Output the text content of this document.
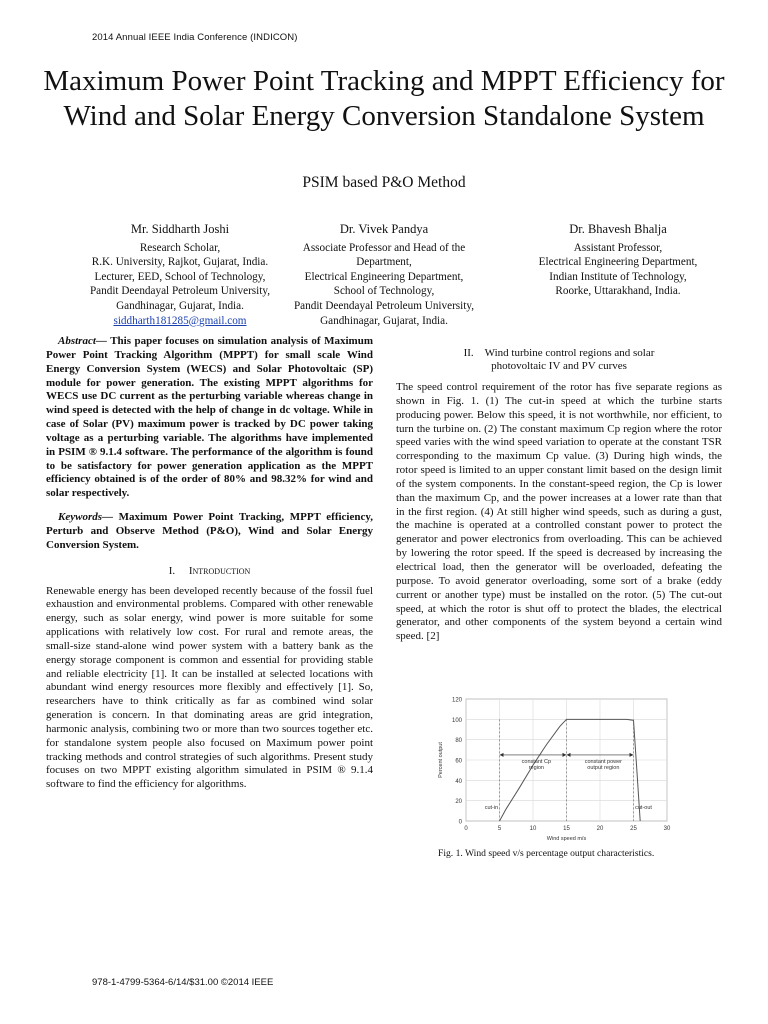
2014 Annual IEEE India Conference (INDICON)
Maximum Power Point Tracking and MPPT Efficiency for Wind and Solar Energy Conversion Standalone System
PSIM based P&O Method
Mr. Siddharth Joshi
Research Scholar,
R.K. University, Rajkot, Gujarat, India.
Lecturer, EED, School of Technology,
Pandit Deendayal Petroleum University,
Gandhinagar, Gujarat, India.
siddharth181285@gmail.com
Dr. Vivek Pandya
Associate Professor and Head of the
Department,
Electrical Engineering Department,
School of Technology,
Pandit Deendayal Petroleum University,
Gandhinagar, Gujarat, India.
Dr. Bhavesh Bhalja
Assistant Professor,
Electrical Engineering Department,
Indian Institute of Technology,
Roorke, Uttarakhand, India.

Abstract— This paper focuses on simulation analysis of Maximum Power Point Tracking Algorithm (MPPT) for small scale Wind Energy Conversion System (WECS) and Solar Photovoltaic (SP) module for power generation. The existing MPPT algorithms for WECS use DC current as the perturbing variable whereas change in wind speed is detected with the help of change in dc voltage. While in case of Solar (PV) maximum power is tracked by DC power taking voltage as a perturbing variable. The algorithms have implemented in PSIM ® 9.1.4 software. The performance of the algorithm is found to be satisfactory for power generation application as the MPPT efficiency obtained is of the order of 80% and 98.32% for wind and solar respectively.

Keywords— Maximum Power Point Tracking, MPPT efficiency, Perturb and Observe Method (P&O), Wind and Solar Energy Conversion System.

I. Introduction

Renewable energy has been developed recently because of the fossil fuel exhaustion and environmental problems. Compared with other renewable energy, such as solar energy, wind power is more suitable for some applications with relatively low cost. For rural and remote areas, the small-size stand-alone wind power system with a battery bank as the energy storage component is common and essential for providing stable and reliable electricity [1]. It can be installed at selected locations with abundant wind energy resources more flexibly and effectively [1]. So, researchers have to think critically as far as combined wind solar generation is concern. In that dominating areas are grid integration, harmonic analysis, combining two or more than two sources together etc. for standalone system people also focused on Maximum power point tracking methods and control strategies of such algorithms. Present study focuses on two MPPT existing algorithm simulated in PSIM ® 9.1.4 software to find the efficiency for algorithms.

II. Wind turbine control regions and solar
photovoltaic IV and PV curves

The speed control requirement of the rotor has five separate regions as shown in Fig. 1. (1) The cut-in speed at which the turbine starts producing power. Below this speed, it is not worthwhile, nor efficient, to turn the turbine on. (2) The constant maximum Cp region where the rotor speed varies with the wind speed variation to operate at the constant TSR corresponding to the maximum Cp value. (3) During high winds, the rotor speed is limited to an upper constant limit based on the design limit of the system components. In the constant-speed region, the Cp is lower than the maximum Cp, and the power increases at a lower rate than that in the first region. (4) At still higher wind speeds, such as during a gust, the machine is operated at a controlled constant power to protect the generator and power electronics from overloading. This can be achieved by lowering the rotor speed. If the speed is decreased by increasing the electrical load, then the generator will be overloaded, defeating the purpose. To avoid generator overloading, some sort of a brake (eddy current or another type) must be installed on the rotor. (5) The cut-out speed, at which the rotor is shut off to protect the blades, the electrical generator, and other components of the system beyond a certain wind speed. [2]

0
20
40
60
80
100
120
0	5	10	15	20	25	30
Wind speed m/s
Percent output
cut-in
constant Cp
region
constant power
output region
cut-out
Fig. 1. Wind speed v/s percentage output characteristics.
978-1-4799-5364-6/14/$31.00 ©2014 IEEE
